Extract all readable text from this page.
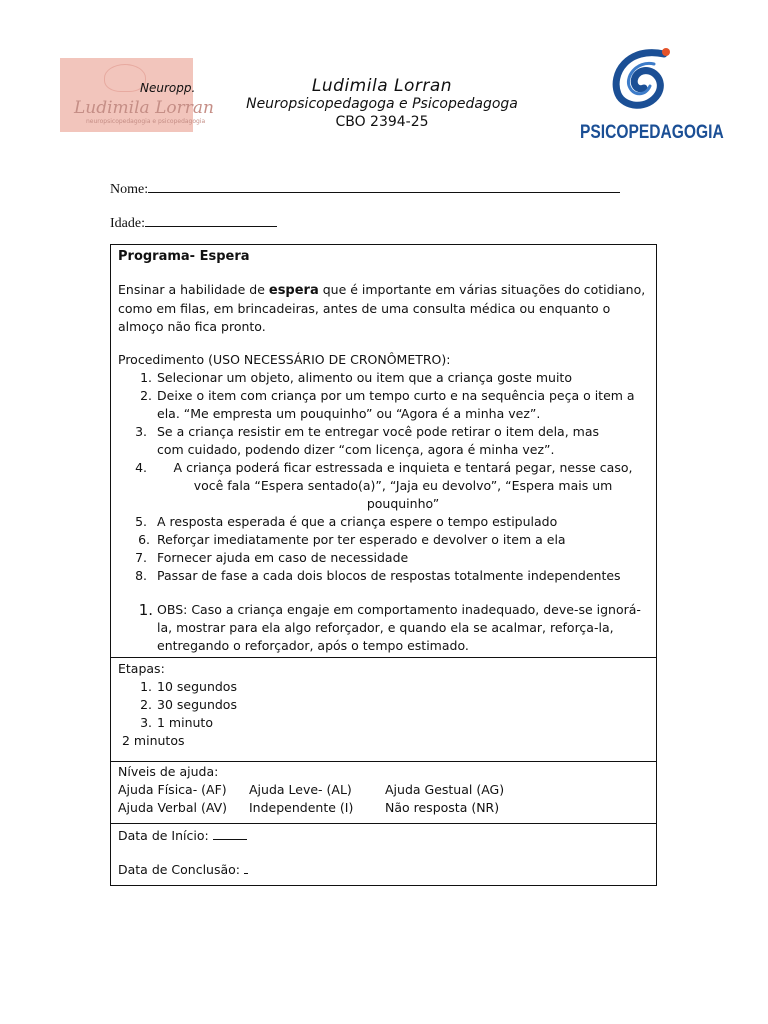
Neuropp.
Ludimila Lorran
neuropsicopedagogia e psicopedagogia
Ludimila Lorran
Neuropsicopedagoga e Psicopedagoga
CBO 2394-25	PSICOPEDAGOGIA
Nome:
Idade:
Programa- Espera

Ensinar a habilidade de espera que é importante em várias situações do cotidiano, como em filas, em brincadeiras, antes de uma consulta médica ou enquanto o almoço não fica pronto.

Procedimento (USO NECESSÁRIO DE CRONÔMETRO):

1. Selecionar um objeto, alimento ou item que a criança goste muito
2. Deixe o item com criança por um tempo curto e na sequência peça o item a ela. “Me empresta um pouquinho” ou “Agora é a minha vez”.
3. Se a criança resistir em te entregar você pode retirar o item dela, mas com cuidado, podendo dizer “com licença, agora é minha vez”.
4.	A criança poderá ficar estressada e inquieta e tentará pegar, nesse caso, você fala “Espera sentado(a)”, “Jaja eu devolvo”, “Espera mais um pouquinho”
5. A resposta esperada é que a criança espere o tempo estipulado
6. Reforçar imediatamente por ter esperado e devolver o item a ela
7. Fornecer ajuda em caso de necessidade
8. Passar de fase a cada dois blocos de respostas totalmente independentes
1. OBS: Caso a criança engaje em comportamento inadequado, deve-se ignorá-la, mostrar para ela algo reforçador, e quando ela se acalmar, reforça-la, entregando o reforçador, após o tempo estimado.

Etapas:

1. 10 segundos
2. 30 segundos
3. 1 minuto

2 minutos

Níveis de ajuda:

Ajuda Física- (AF)	Ajuda Leve- (AL)	Ajuda Gestual (AG)
Ajuda Verbal (AV)	Independente (I)	Não resposta (NR)

Data de Início:

Data de Conclusão:
